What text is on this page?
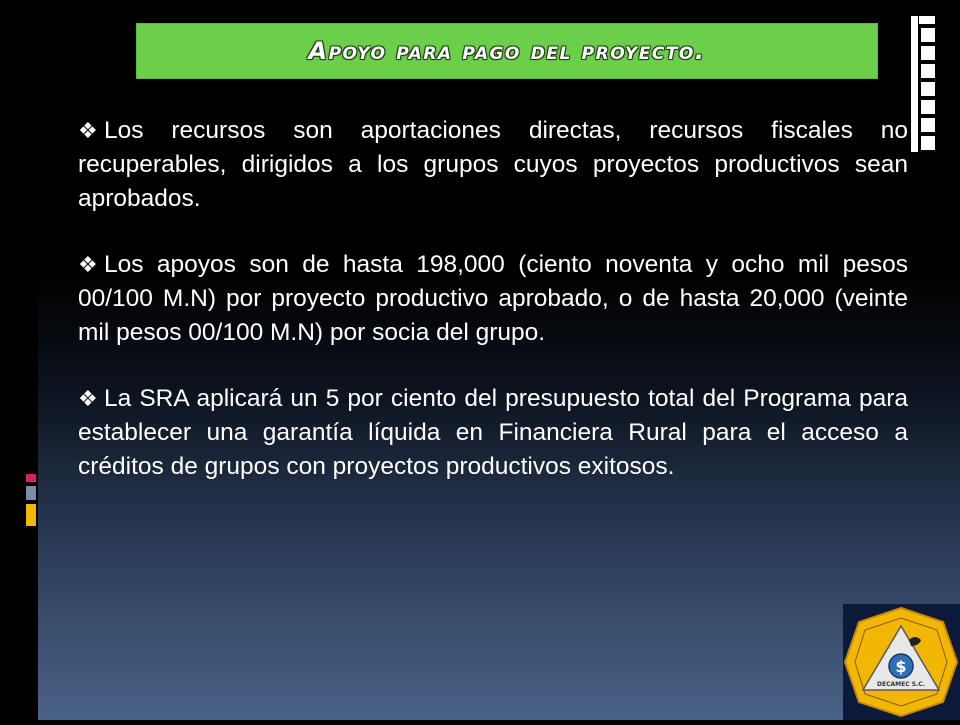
Apoyo para pago del proyecto.

❖ Los recursos son aportaciones directas, recursos fiscales no recuperables, dirigidos a los grupos cuyos proyectos productivos sean aprobados.

❖ Los apoyos son de hasta 198,000 (ciento noventa y ocho mil pesos 00/100 M.N) por proyecto productivo aprobado, o de hasta 20,000 (veinte mil pesos 00/100 M.N) por socia del grupo.

❖ La SRA aplicará un 5 por ciento del presupuesto total del Programa para establecer una garantía líquida en Financiera Rural para el acceso a créditos de grupos con proyectos productivos exitosos.

$
DECAMEC S.C.
